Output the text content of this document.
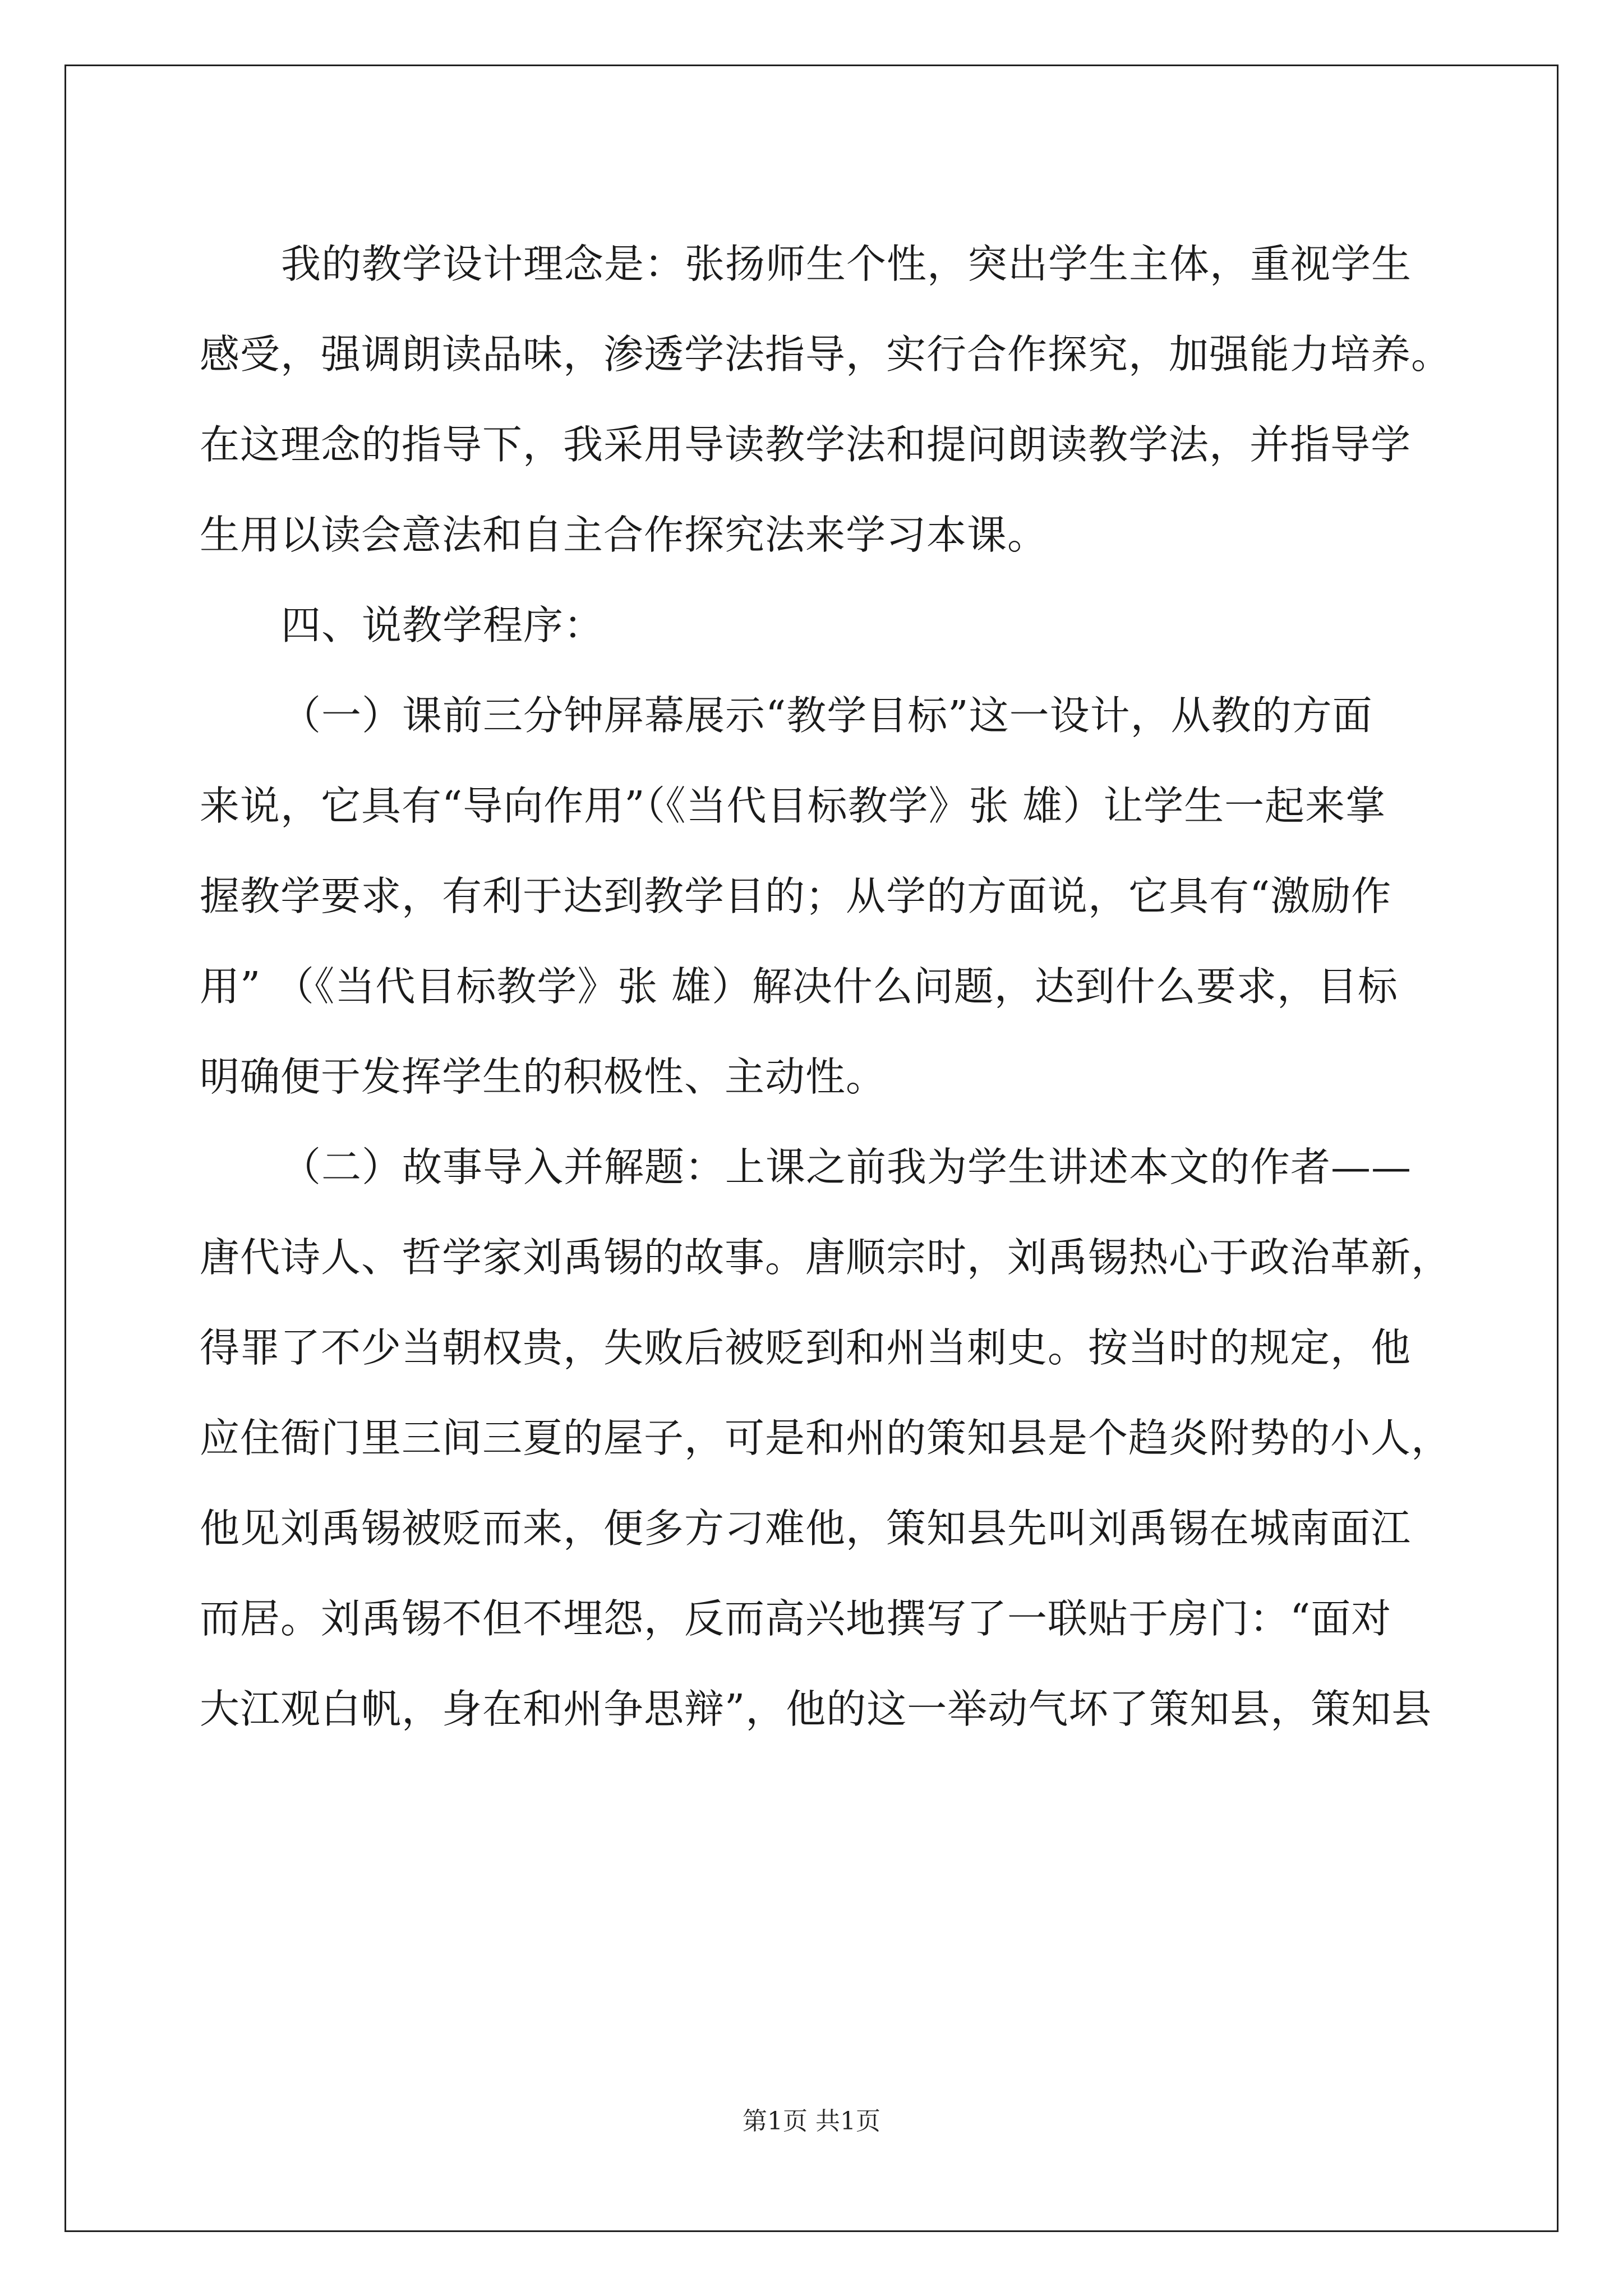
我的教学设计理念是：张扬师生个性，突出学生主体，重视学生
感受，强调朗读品味，渗透学法指导，实行合作探究，加强能力培养。
在这理念的指导下，我采用导读教学法和提问朗读教学法，并指导学
生用以读会意法和自主合作探究法来学习本课。
四、说教学程序：
（一）课前三分钟屏幕展示“教学目标”这一设计，从教的方面
来说，它具有“导向作用”（《当代目标教学》张 雄）让学生一起来掌
握教学要求，有利于达到教学目的；从学的方面说，它具有“激励作
用” （《当代目标教学》张 雄）解决什么问题，达到什么要求，目标
明确便于发挥学生的积极性、主动性。
（二）故事导入并解题：上课之前我为学生讲述本文的作者——
唐代诗人、哲学家刘禹锡的故事。唐顺宗时，刘禹锡热心于政治革新，
得罪了不少当朝权贵，失败后被贬到和州当刺史。按当时的规定，他
应住衙门里三间三夏的屋子，可是和州的策知县是个趋炎附势的小人，
他见刘禹锡被贬而来，便多方刁难他，策知县先叫刘禹锡在城南面江
而居。刘禹锡不但不埋怨，反而高兴地撰写了一联贴于房门：“面对
大江观白帆，身在和州争思辩”，他的这一举动气坏了策知县，策知县
第1页 共1页
